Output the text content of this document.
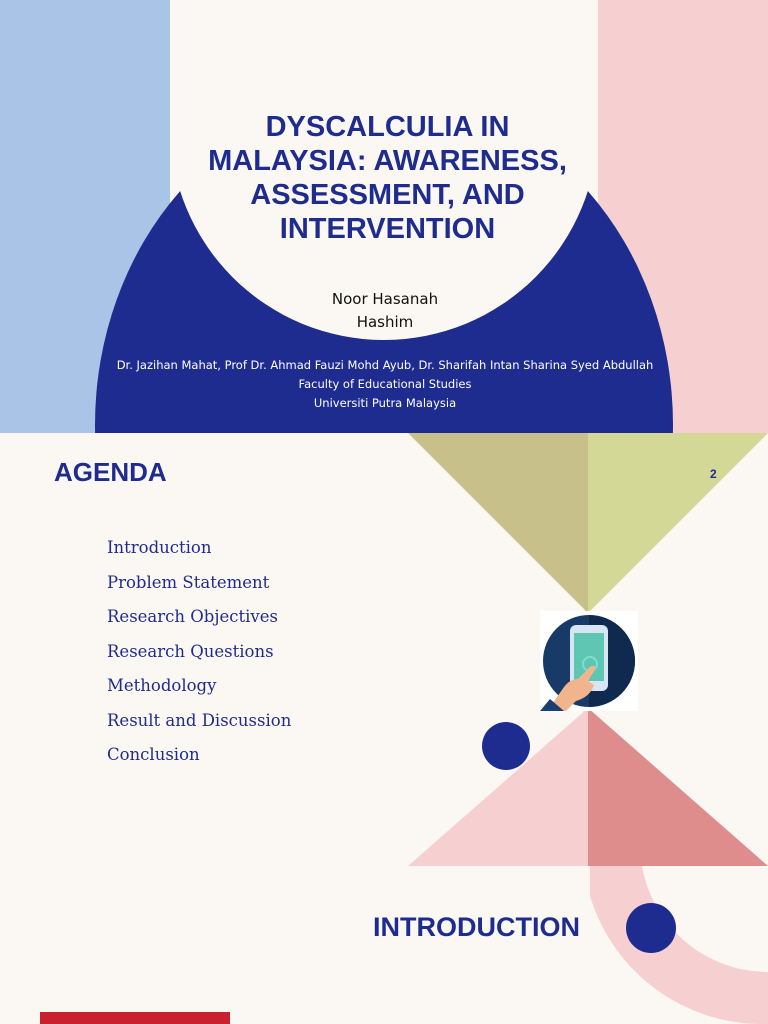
DYSCALCULIA IN MALAYSIA: AWARENESS, ASSESSMENT, AND INTERVENTION
Noor Hasanah
Hashim
Dr. Jazihan Mahat, Prof Dr. Ahmad Fauzi Mohd Ayub, Dr. Sharifah Intan Sharina Syed Abdullah
Faculty of Educational Studies
Universiti Putra Malaysia
AGENDA	2
Introduction
Problem Statement
Research Objectives
Research Questions
Methodology
Result and Discussion
Conclusion
INTRODUCTION
